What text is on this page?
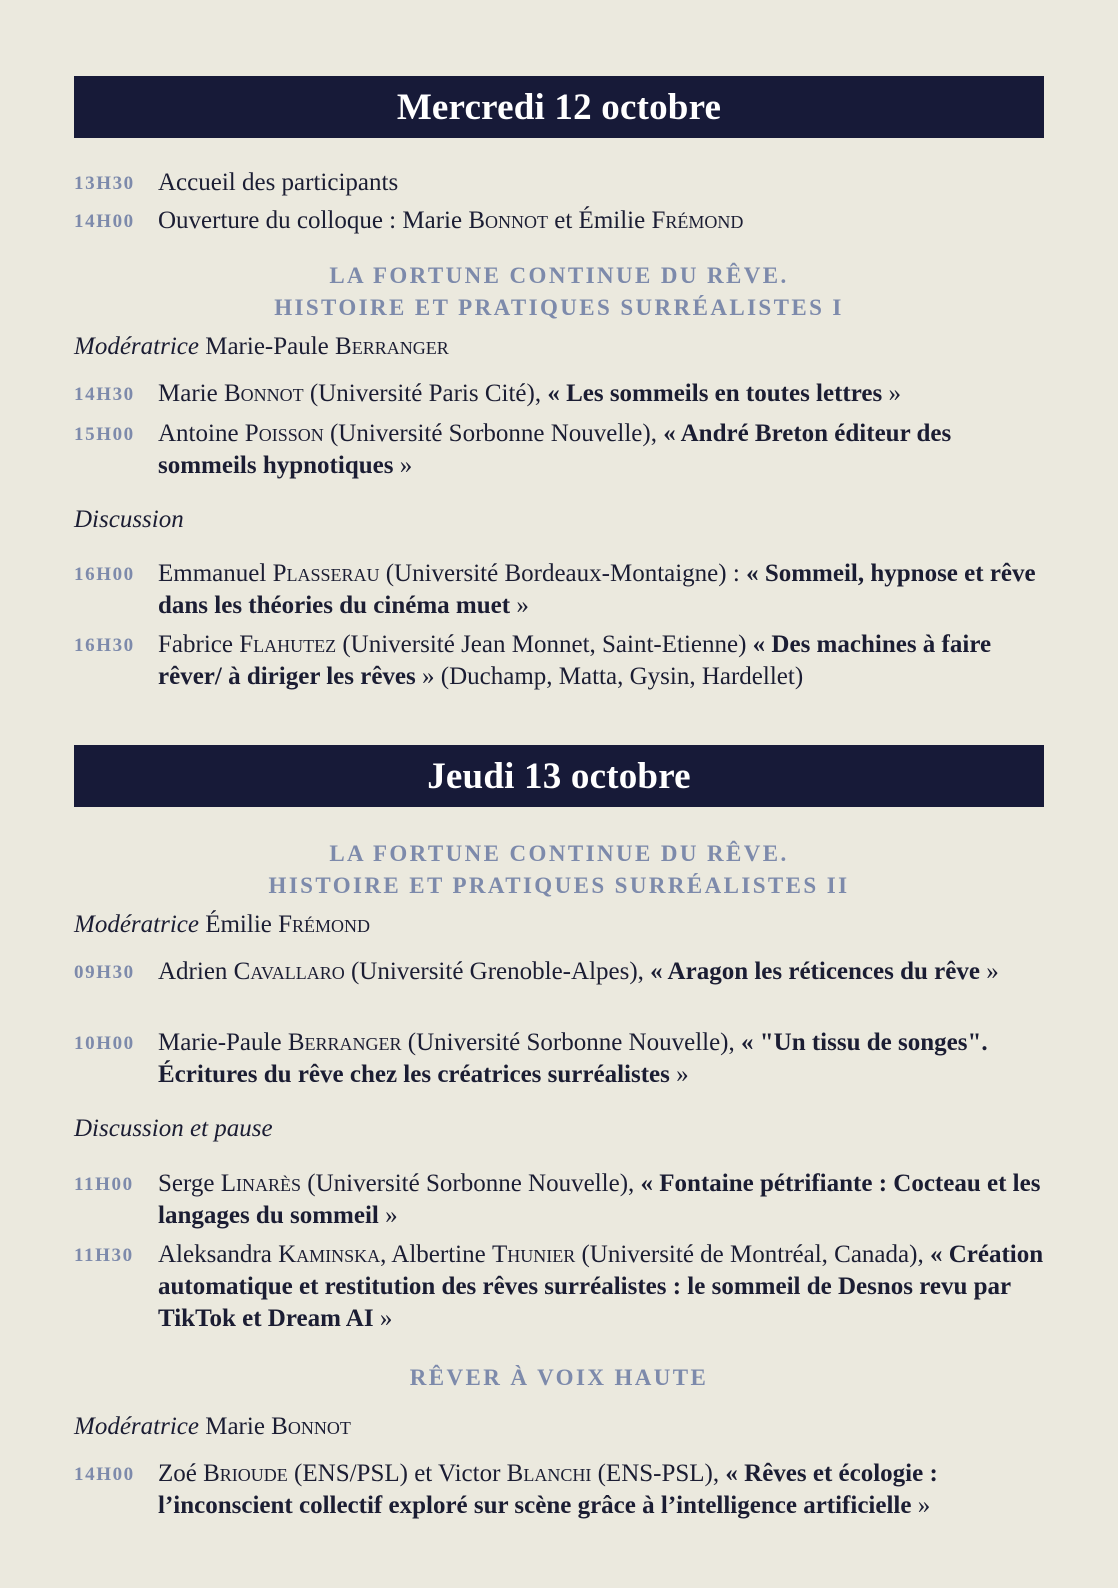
Mercredi 12 octobre
13H30 Accueil des participants
14H00 Ouverture du colloque : Marie Bonnot et Émilie Frémond
LA FORTUNE CONTINUE DU RÊVE.
HISTOIRE ET PRATIQUES SURRÉALISTES I
Modératrice Marie-Paule Berranger
14H30 Marie Bonnot (Université Paris Cité), « Les sommeils en toutes lettres »
15H00 Antoine Poisson (Université Sorbonne Nouvelle), « André Breton éditeur des sommeils hypnotiques »
Discussion
16H00 Emmanuel Plasserau (Université Bordeaux-Montaigne) : « Sommeil, hypnose et rêve dans les théories du cinéma muet »
16H30 Fabrice Flahutez (Université Jean Monnet, Saint-Etienne) « Des machines à faire rêver/ à diriger les rêves » (Duchamp, Matta, Gysin, Hardellet)
Jeudi 13 octobre
LA FORTUNE CONTINUE DU RÊVE.
HISTOIRE ET PRATIQUES SURRÉALISTES II
Modératrice Émilie Frémond
09H30 Adrien Cavallaro (Université Grenoble-Alpes), « Aragon les réticences du rêve »
10H00 Marie-Paule Berranger (Université Sorbonne Nouvelle), « "Un tissu de songes". Écritures du rêve chez les créatrices surréalistes »
Discussion et pause
11H00 Serge Linarès (Université Sorbonne Nouvelle), « Fontaine pétrifiante : Cocteau et les langages du sommeil »
11H30 Aleksandra Kaminska, Albertine Thunier (Université de Montréal, Canada), « Création automatique et restitution des rêves surréalistes : le sommeil de Desnos revu par TikTok et Dream AI »
RÊVER À VOIX HAUTE
Modératrice Marie Bonnot
14H00 Zoé Brioude (ENS/PSL) et Victor Blanchi (ENS-PSL), « Rêves et écologie : l’inconscient collectif exploré sur scène grâce à l’intelligence artificielle »
